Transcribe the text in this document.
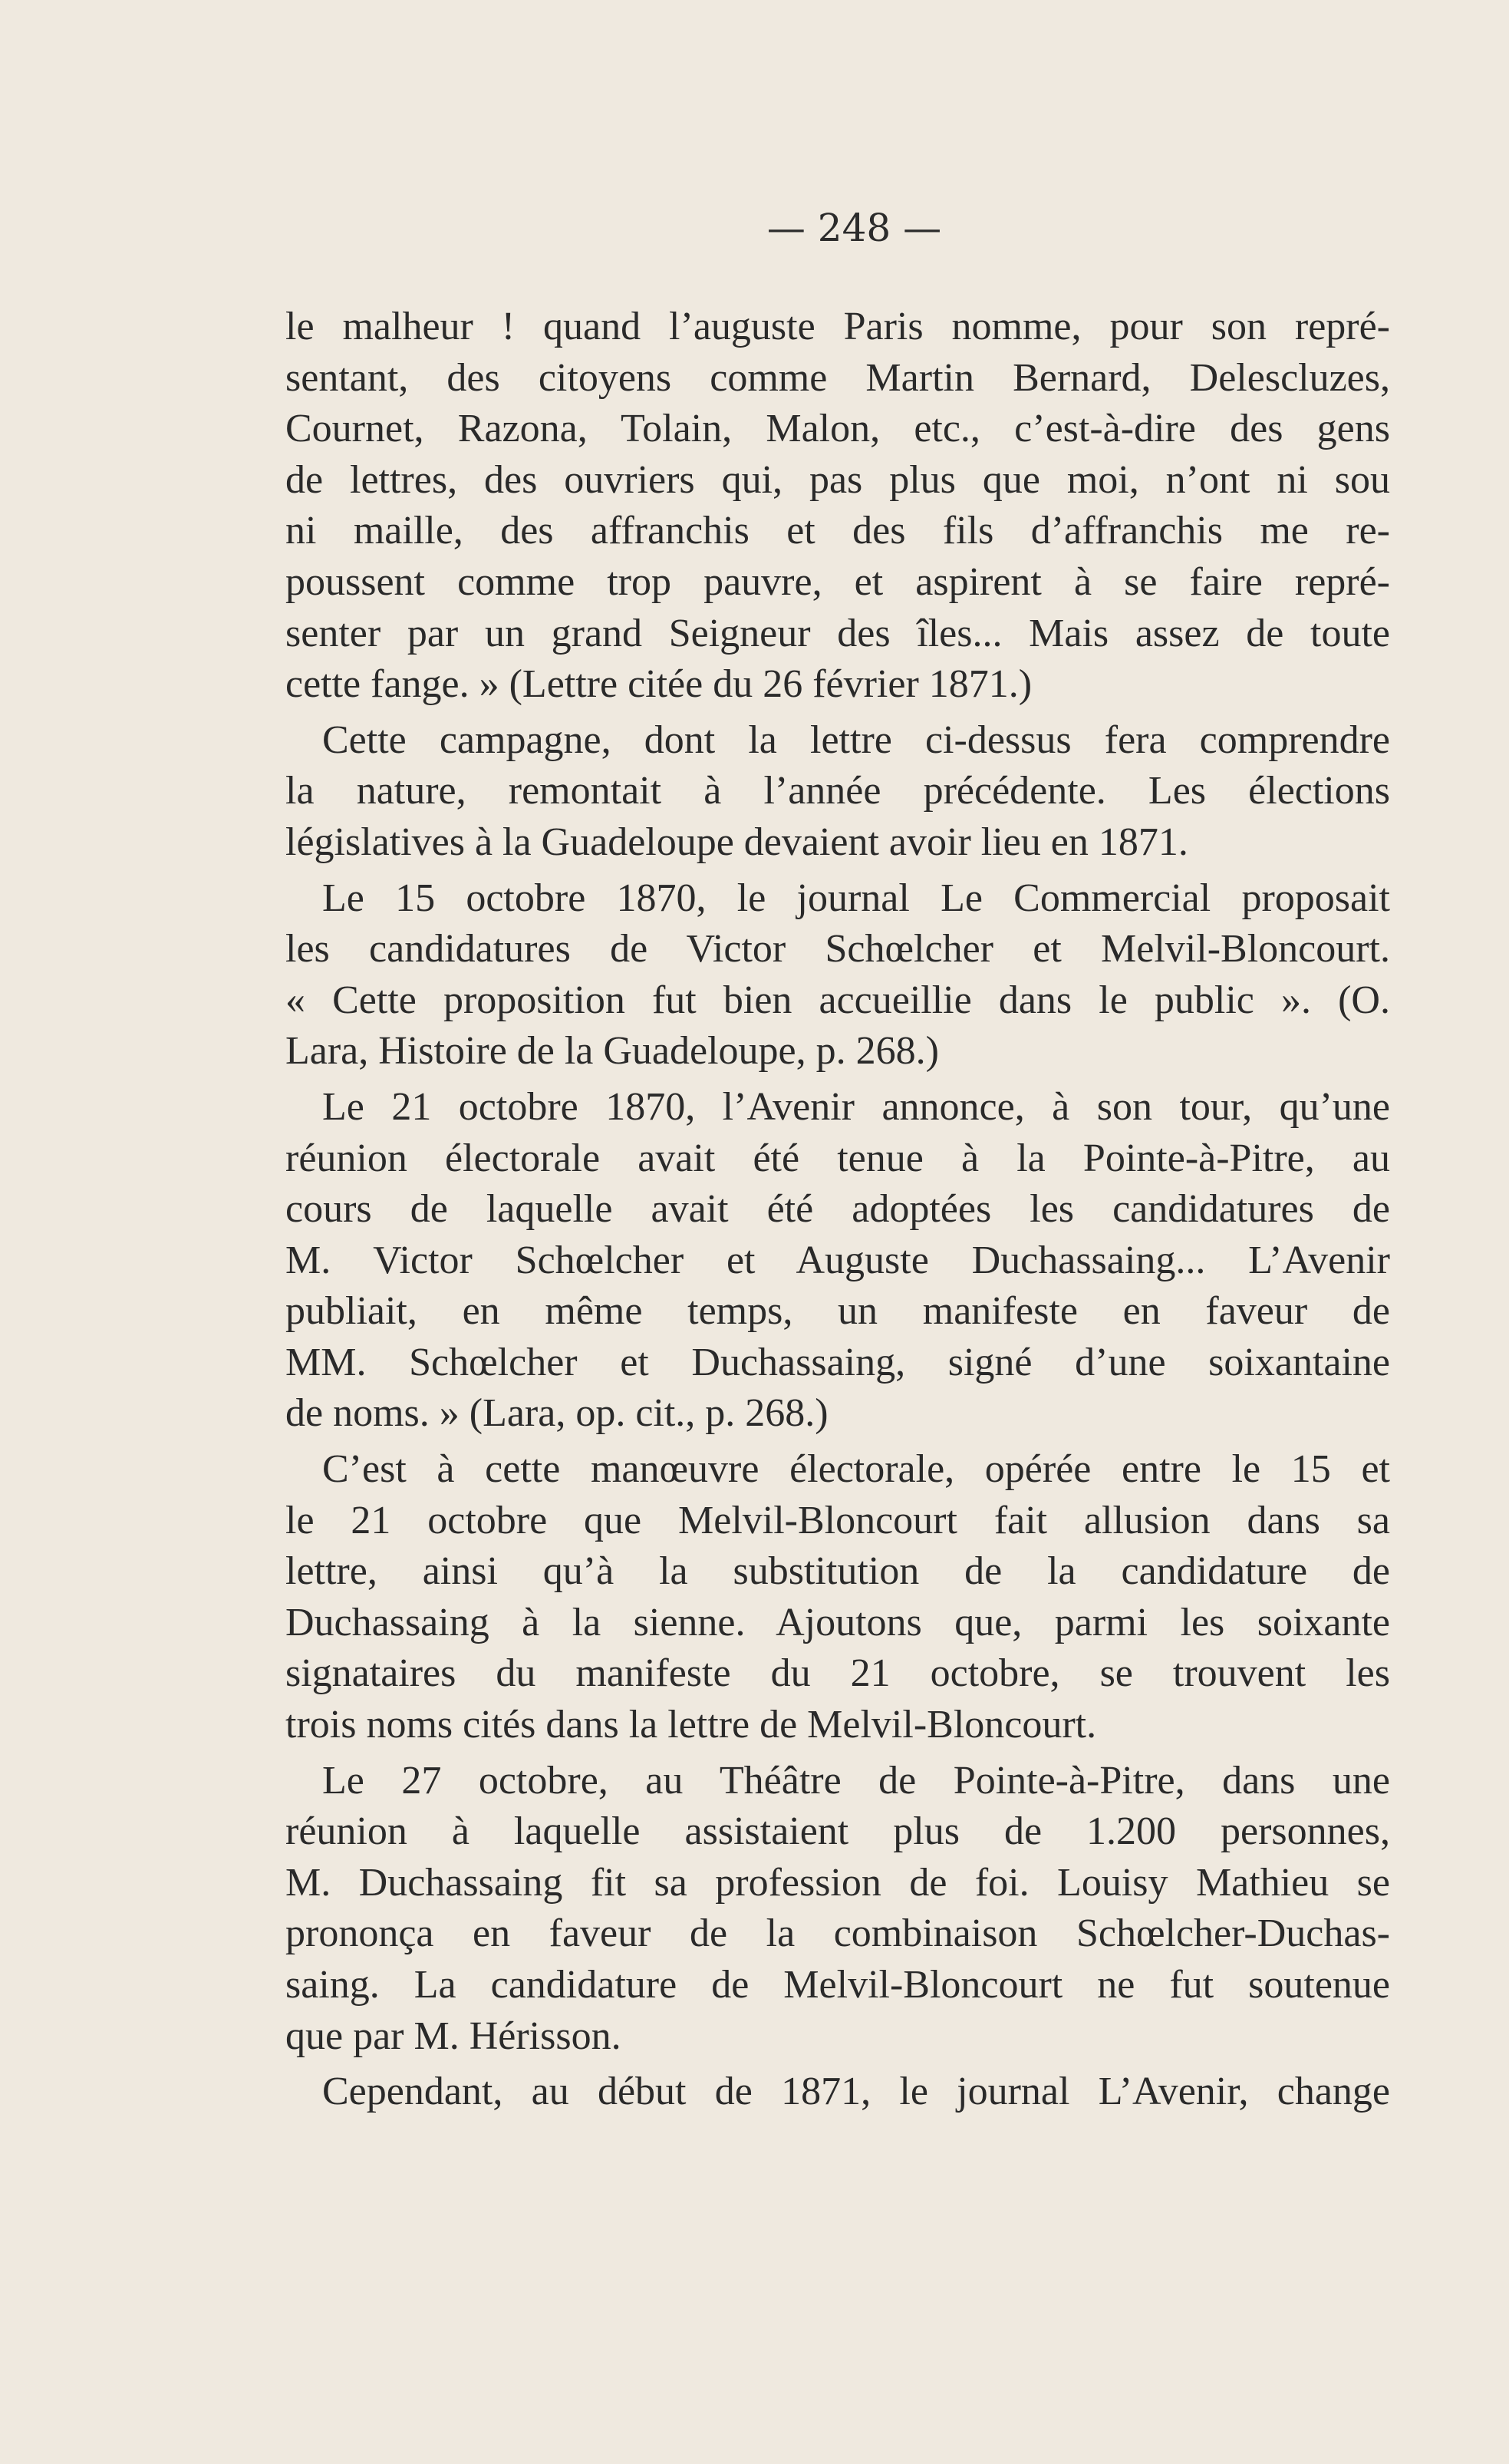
— 248 —
le malheur ! quand l’auguste Paris nomme, pour son repré-
sentant, des citoyens comme Martin Bernard, Delescluzes,
Cournet, Razona, Tolain, Malon, etc., c’est-à-dire des gens
de lettres, des ouvriers qui, pas plus que moi, n’ont ni sou
ni maille, des affranchis et des fils d’affranchis me re-
poussent comme trop pauvre, et aspirent à se faire repré-
senter par un grand Seigneur des îles... Mais assez de toute
cette fange. » (Lettre citée du 26 février 1871.)
Cette campagne, dont la lettre ci-dessus fera comprendre
la nature, remontait à l’année précédente. Les élections
législatives à la Guadeloupe devaient avoir lieu en 1871.
Le 15 octobre 1870, le journal Le Commercial proposait
les candidatures de Victor Schœlcher et Melvil-Bloncourt.
« Cette proposition fut bien accueillie dans le public ». (O.
Lara, Histoire de la Guadeloupe, p. 268.)
Le 21 octobre 1870, l’Avenir annonce, à son tour, qu’une
réunion électorale avait été tenue à la Pointe-à-Pitre, au
cours de laquelle avait été adoptées les candidatures de
M. Victor Schœlcher et Auguste Duchassaing... L’Avenir
publiait, en même temps, un manifeste en faveur de
MM. Schœlcher et Duchassaing, signé d’une soixantaine
de noms. » (Lara, op. cit., p. 268.)
C’est à cette manœuvre électorale, opérée entre le 15 et
le 21 octobre que Melvil-Bloncourt fait allusion dans sa
lettre, ainsi qu’à la substitution de la candidature de
Duchassaing à la sienne. Ajoutons que, parmi les soixante
signataires du manifeste du 21 octobre, se trouvent les
trois noms cités dans la lettre de Melvil-Bloncourt.
Le 27 octobre, au Théâtre de Pointe-à-Pitre, dans une
réunion à laquelle assistaient plus de 1.200 personnes,
M. Duchassaing fit sa profession de foi. Louisy Mathieu se
prononça en faveur de la combinaison Schœlcher-Duchas-
saing. La candidature de Melvil-Bloncourt ne fut soutenue
que par M. Hérisson.
Cependant, au début de 1871, le journal L’Avenir, change
